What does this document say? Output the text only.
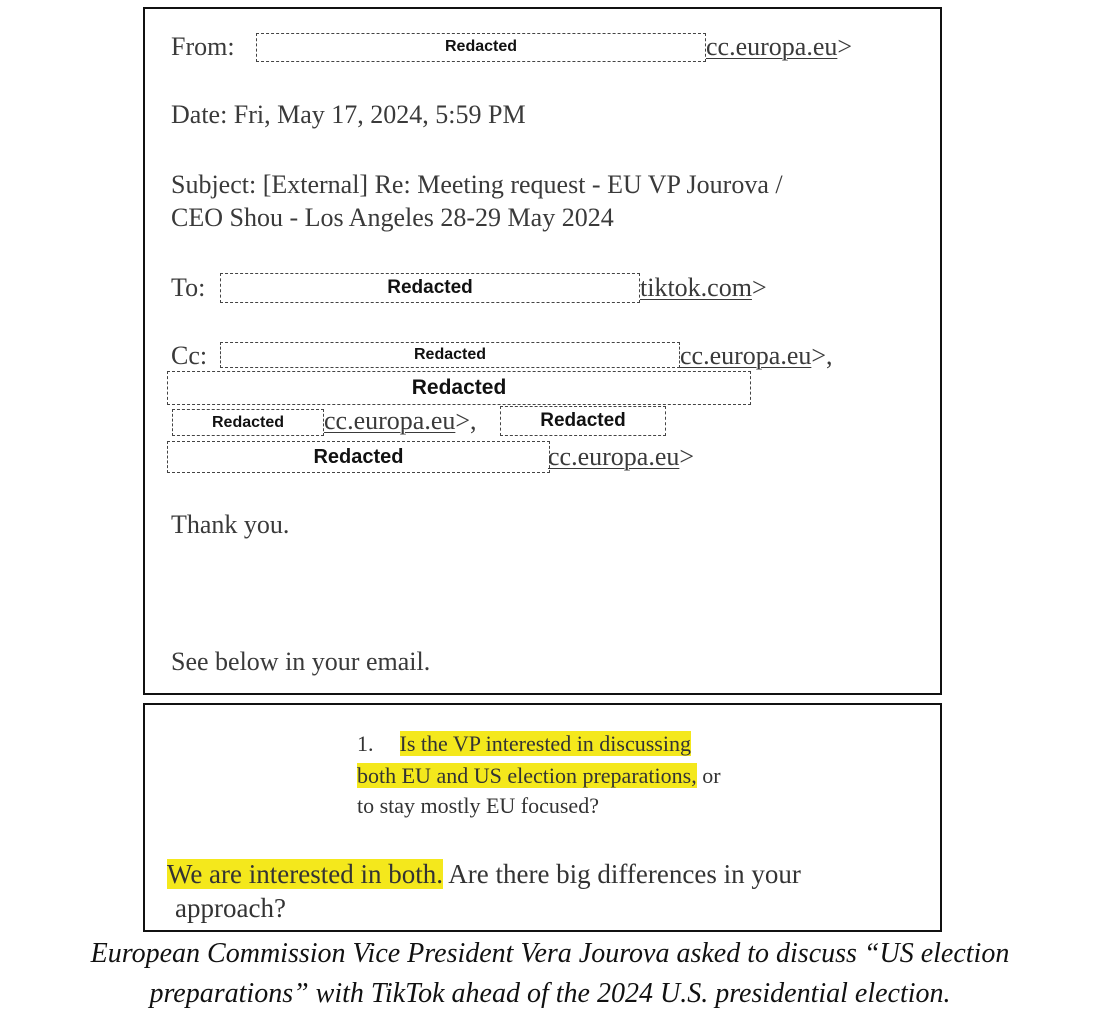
From:	Redacted	cc.europa.eu>
Date: Fri, May 17, 2024, 5:59 PM
Subject: [External] Re: Meeting request - EU VP Jourova /
CEO Shou - Los Angeles 28-29 May 2024
To:	Redacted	tiktok.com>
Cc:	Redacted	cc.europa.eu>,
Redacted
Redacted	cc.europa.eu>,	Redacted
Redacted	cc.europa.eu>
Thank you.
See below in your email.
1. Is the VP interested in discussing
both EU and US election preparations, or
to stay mostly EU focused?
We are interested in both. Are there big differences in your
approach?
European Commission Vice President Vera Jourova asked to discuss “US election
preparations” with TikTok ahead of the 2024 U.S. presidential election.
